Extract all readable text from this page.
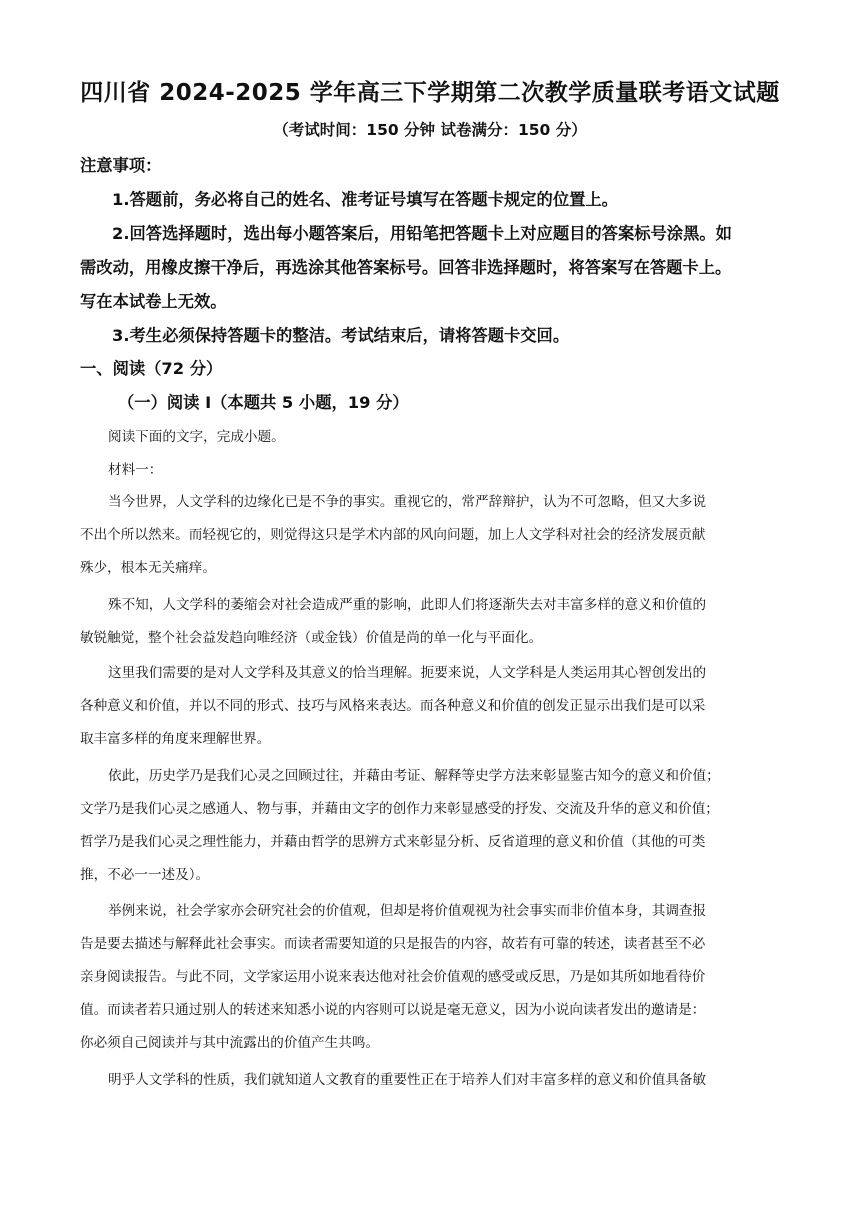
四川省 2024-2025 学年高三下学期第二次教学质量联考语文试题
（考试时间：150 分钟 试卷满分：150 分）
注意事项：
1.答题前，务必将自己的姓名、准考证号填写在答题卡规定的位置上。
2.回答选择题时，选出每小题答案后，用铅笔把答题卡上对应题目的答案标号涂黑。如
需改动，用橡皮擦干净后，再选涂其他答案标号。回答非选择题时，将答案写在答题卡上。
写在本试卷上无效。
3.考生必须保持答题卡的整洁。考试结束后，请将答题卡交回。
一、阅读（72 分）
（一）阅读 I（本题共 5 小题，19 分）
阅读下面的文字，完成小题。
材料一：
当今世界，人文学科的边缘化已是不争的事实。重视它的，常严辞辩护，认为不可忽略，但又大多说
不出个所以然来。而轻视它的，则觉得这只是学术内部的风向问题，加上人文学科对社会的经济发展贡献
殊少，根本无关痛痒。
殊不知，人文学科的萎缩会对社会造成严重的影响，此即人们将逐渐失去对丰富多样的意义和价值的
敏锐触觉，整个社会益发趋向唯经济（或金钱）价值是尚的单一化与平面化。
这里我们需要的是对人文学科及其意义的恰当理解。扼要来说，人文学科是人类运用其心智创发出的
各种意义和价值，并以不同的形式、技巧与风格来表达。而各种意义和价值的创发正显示出我们是可以采
取丰富多样的角度来理解世界。
依此，历史学乃是我们心灵之回顾过往，并藉由考证、解释等史学方法来彰显鉴古知今的意义和价值；
文学乃是我们心灵之感通人、物与事，并藉由文字的创作力来彰显感受的抒发、交流及升华的意义和价值；
哲学乃是我们心灵之理性能力，并藉由哲学的思辨方式来彰显分析、反省道理的意义和价值（其他的可类
推，不必一一述及）。
举例来说，社会学家亦会研究社会的价值观，但却是将价值观视为社会事实而非价值本身，其调查报
告是要去描述与解释此社会事实。而读者需要知道的只是报告的内容，故若有可靠的转述，读者甚至不必
亲身阅读报告。与此不同，文学家运用小说来表达他对社会价值观的感受或反思，乃是如其所如地看待价
值。而读者若只通过别人的转述来知悉小说的内容则可以说是毫无意义，因为小说向读者发出的邀请是：
你必须自己阅读并与其中流露出的价值产生共鸣。
明乎人文学科的性质，我们就知道人文教育的重要性正在于培养人们对丰富多样的意义和价值具备敏
